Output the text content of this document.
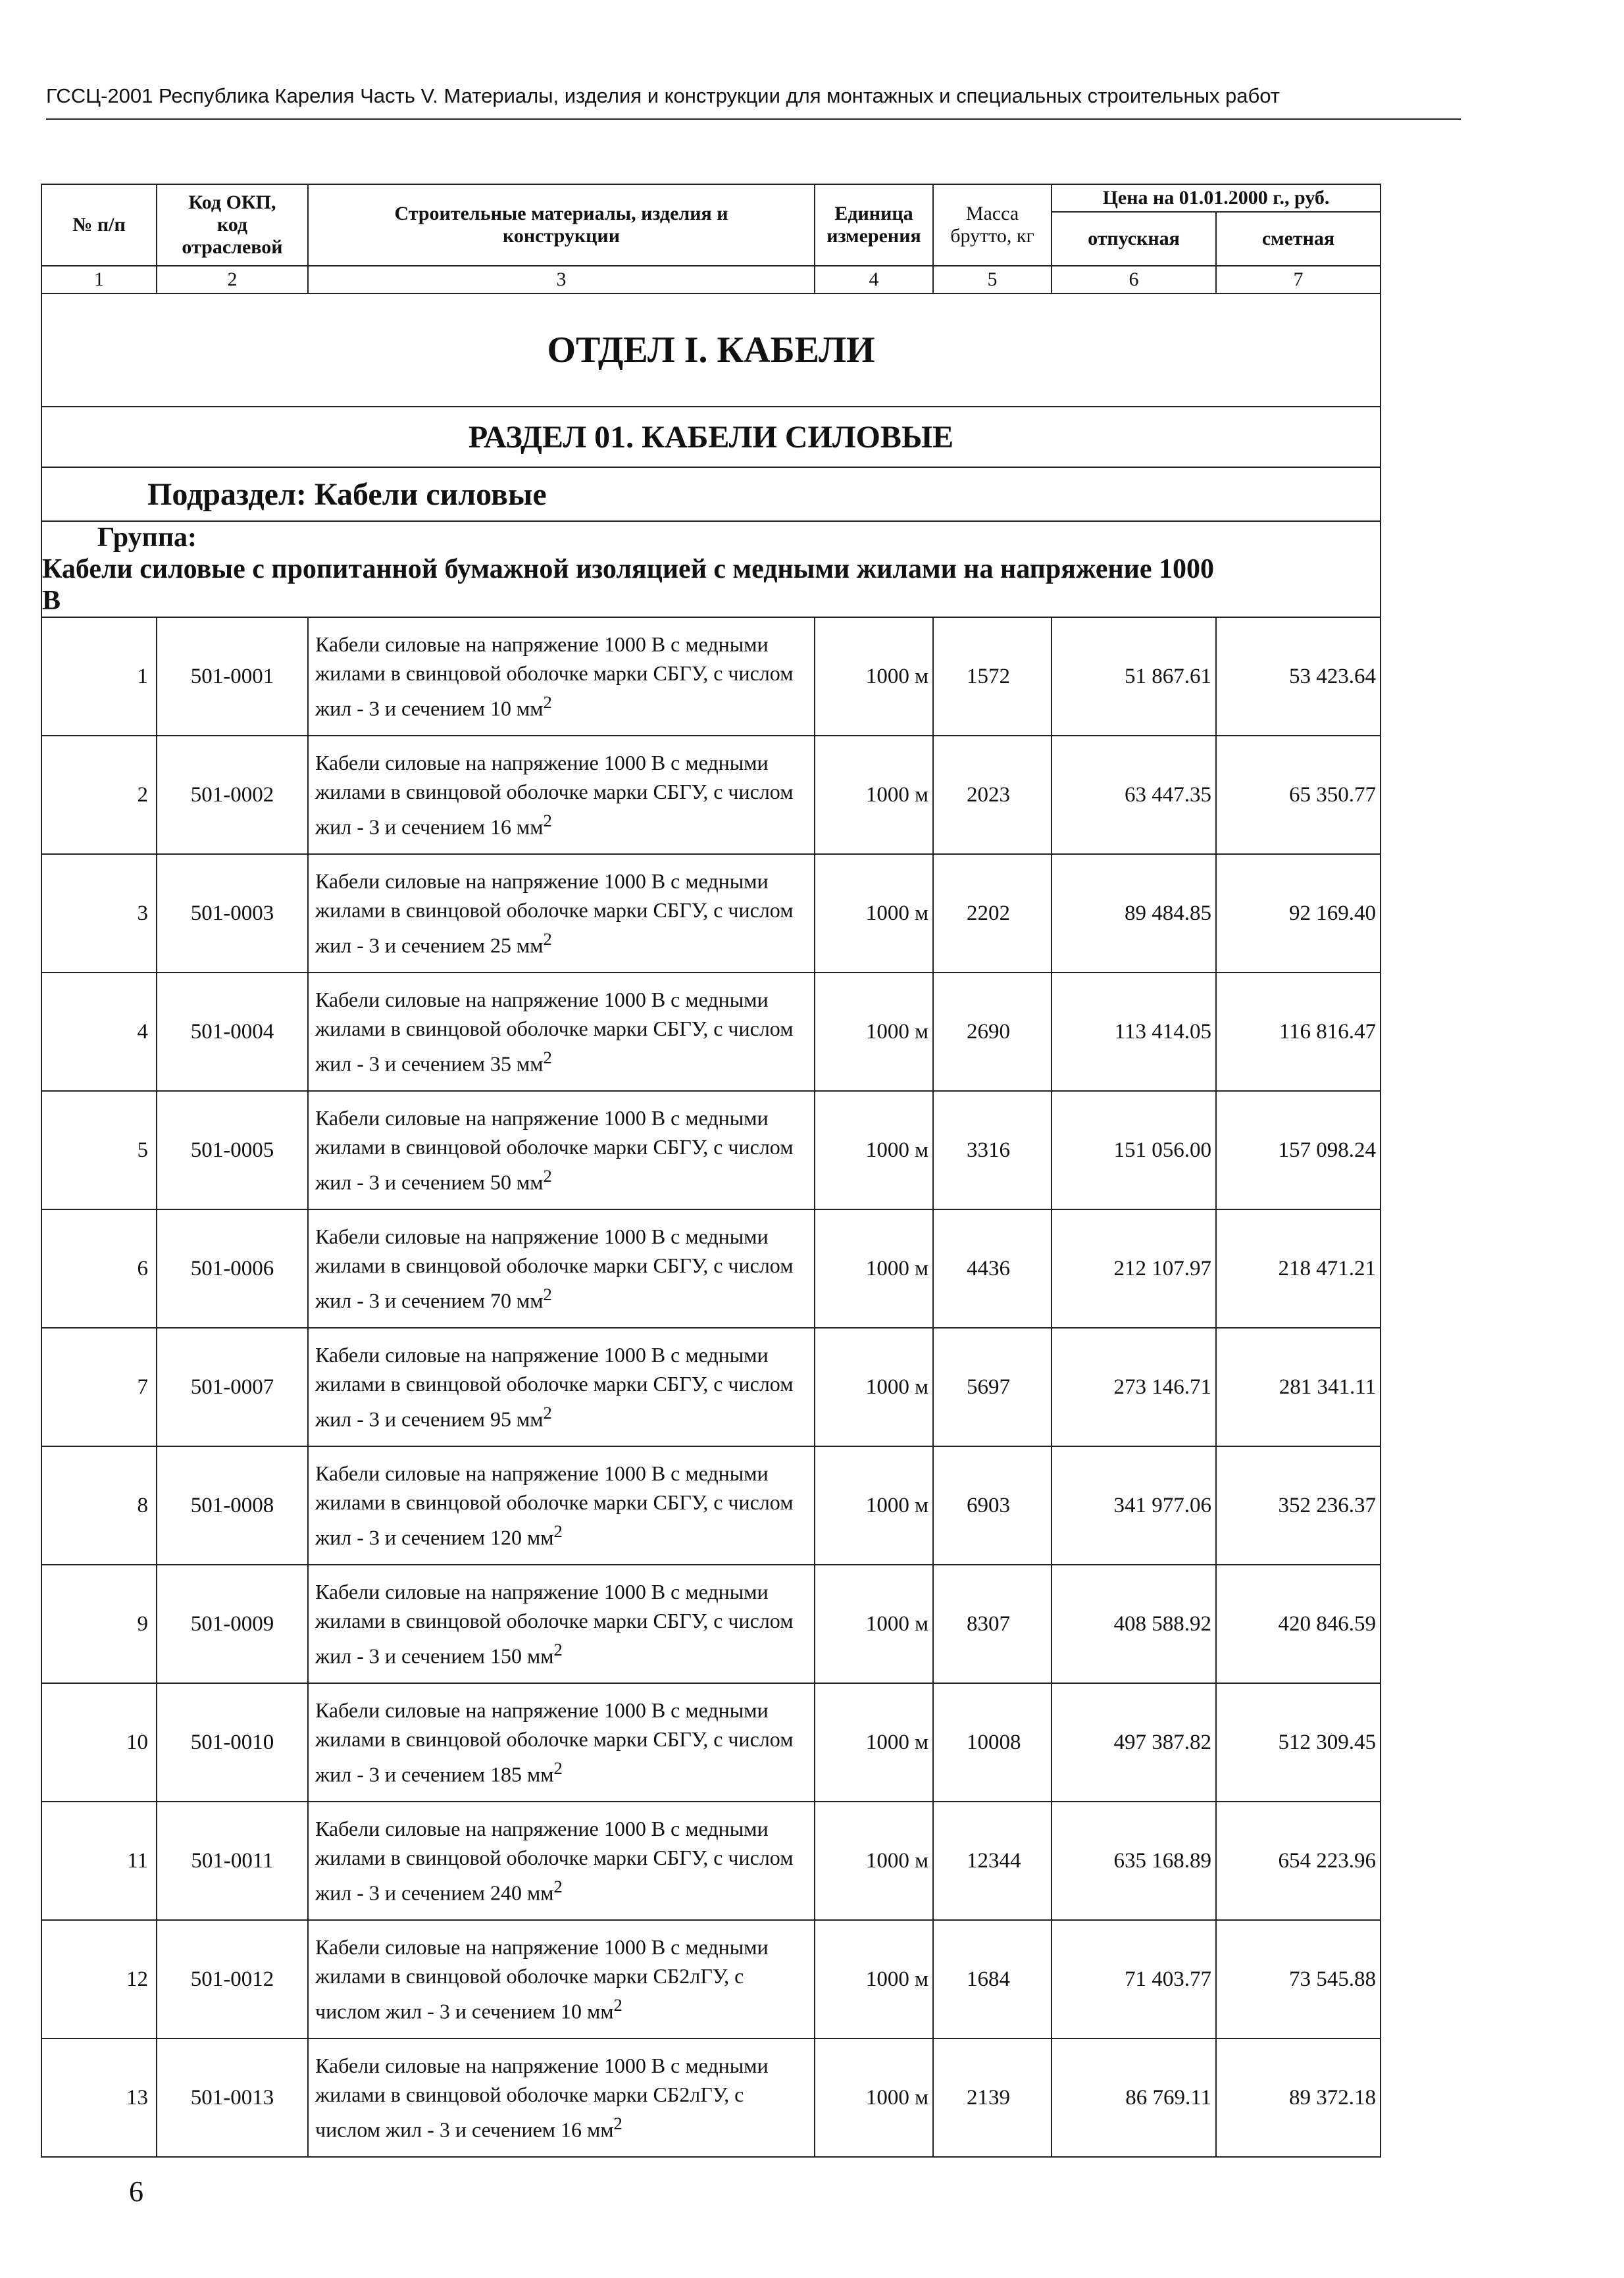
ГССЦ-2001 Республика Карелия Часть V. Материалы, изделия и конструкции для монтажных и специальных строительных работ
№ п/п	Код ОКП,
код
отраслевой	Строительные материалы, изделия и конструкции	Единица измерения	Масса брутто, кг	Цена на 01.01.2000 г., руб.	
					отпускная	сметная
1	2	3	4	5	6	7
ОТДЕЛ I. КАБЕЛИ						
РАЗДЕЛ 01. КАБЕЛИ СИЛОВЫЕ						
Подраздел: Кабели силовые						
Группа: Кабели силовые с пропитанной бумажной изоляцией с медными жилами на напряжение 1000 В						
1	501-0001	Кабели силовые на напряжение 1000 В с медными жилами в свинцовой оболочке марки СБГУ, с числом жил - 3 и сечением 10 $мм^2$	1000 м	1572	51 867.61	53 423.64
2	501-0002	Кабели силовые на напряжение 1000 В с медными жилами в свинцовой оболочке марки СБГУ, с числом жил - 3 и сечением 16 $мм^2$	1000 м	2023	63 447.35	65 350.77
3	501-0003	Кабели силовые на напряжение 1000 В с медными жилами в свинцовой оболочке марки СБГУ, с числом жил - 3 и сечением 25 $мм^2$	1000 м	2202	89 484.85	92 169.40
4	501-0004	Кабели силовые на напряжение 1000 В с медными жилами в свинцовой оболочке марки СБГУ, с числом жил - 3 и сечением 35 $мм^2$	1000 м	2690	113 414.05	116 816.47
5	501-0005	Кабели силовые на напряжение 1000 В с медными жилами в свинцовой оболочке марки СБГУ, с числом жил - 3 и сечением 50 $мм^2$	1000 м	3316	151 056.00	157 098.24
6	501-0006	Кабели силовые на напряжение 1000 В с медными жилами в свинцовой оболочке марки СБГУ, с числом жил - 3 и сечением 70 $мм^2$	1000 м	4436	212 107.97	218 471.21
7	501-0007	Кабели силовые на напряжение 1000 В с медными жилами в свинцовой оболочке марки СБГУ, с числом жил - 3 и сечением 95 $мм^2$	1000 м	5697	273 146.71	281 341.11
8	501-0008	Кабели силовые на напряжение 1000 В с медными жилами в свинцовой оболочке марки СБГУ, с числом жил - 3 и сечением 120 $мм^2$	1000 м	6903	341 977.06	352 236.37
9	501-0009	Кабели силовые на напряжение 1000 В с медными жилами в свинцовой оболочке марки СБГУ, с числом жил - 3 и сечением 150 $мм^2$	1000 м	8307	408 588.92	420 846.59
10	501-0010	Кабели силовые на напряжение 1000 В с медными жилами в свинцовой оболочке марки СБГУ, с числом жил - 3 и сечением 185 $мм^2$	1000 м	10008	497 387.82	512 309.45
11	501-0011	Кабели силовые на напряжение 1000 В с медными жилами в свинцовой оболочке марки СБГУ, с числом жил - 3 и сечением 240 $мм^2$	1000 м	12344	635 168.89	654 223.96
12	501-0012	Кабели силовые на напряжение 1000 В с медными жилами в свинцовой оболочке марки СБ2лГУ, с числом жил - 3 и сечением 10 $мм^2$	1000 м	1684	71 403.77	73 545.88
13	501-0013	Кабели силовые на напряжение 1000 В с медными жилами в свинцовой оболочке марки СБ2лГУ, с числом жил - 3 и сечением 16 $мм^2$	1000 м	2139	86 769.11	89 372.18
6
